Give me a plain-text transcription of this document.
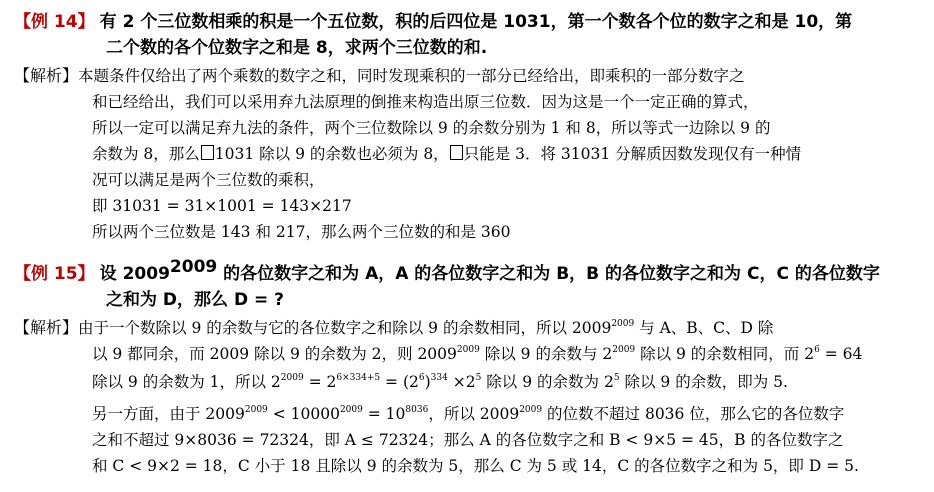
【例 14】 有 2 个三位数相乘的积是一个五位数，积的后四位是 1031，第一个数各个位的数字之和是 10，第
二个数的各个位数字之和是 8，求两个三位数的和.
【解析】本题条件仅给出了两个乘数的数字之和，同时发现乘积的一部分已经给出，即乘积的一部分数字之
和已经给出，我们可以采用弃九法原理的倒推来构造出原三位数．因为这是一个一定正确的算式，
所以一定可以满足弃九法的条件，两个三位数除以 9 的余数分别为 1 和 8，所以等式一边除以 9 的
余数为 8，那么 1031 除以 9 的余数也必须为 8， 只能是 3．将 31031 分解质因数发现仅有一种情
况可以满足是两个三位数的乘积，
即 31031 = 31×1001 = 143×217
所以两个三位数是 143 和 217，那么两个三位数的和是 360
【例 15】 设 $2009^{2009}$ 的各位数字之和为 A，A 的各位数字之和为 B，B 的各位数字之和为 C，C 的各位数字
之和为 D，那么 D = ?
【解析】由于一个数除以 9 的余数与它的各位数字之和除以 9 的余数相同，所以 $2009^{2009}$ 与 A、B、C、D 除
以 9 都同余，而 2009 除以 9 的余数为 2，则 $2009^{2009}$ 除以 9 的余数与 $2^{2009}$ 除以 9 的余数相同，而 $2^6 = 64$
除以 9 的余数为 1，所以 $2^{2009} = 2^{6\times 334+5} = (2^6)^{334} \times 2^5$ 除以 9 的余数为 $2^5$ 除以 9 的余数，即为 5.
另一方面，由于 $2009^{2009} < 10000^{2009} = 10^{8036}$，所以 $2009^{2009}$ 的位数不超过 8036 位，那么它的各位数字
之和不超过 9×8036 = 72324，即 A ≤ 72324；那么 A 的各位数字之和 B < 9×5 = 45，B 的各位数字之
和 C < 9×2 = 18，C 小于 18 且除以 9 的余数为 5，那么 C 为 5 或 14，C 的各位数字之和为 5，即 D = 5.
